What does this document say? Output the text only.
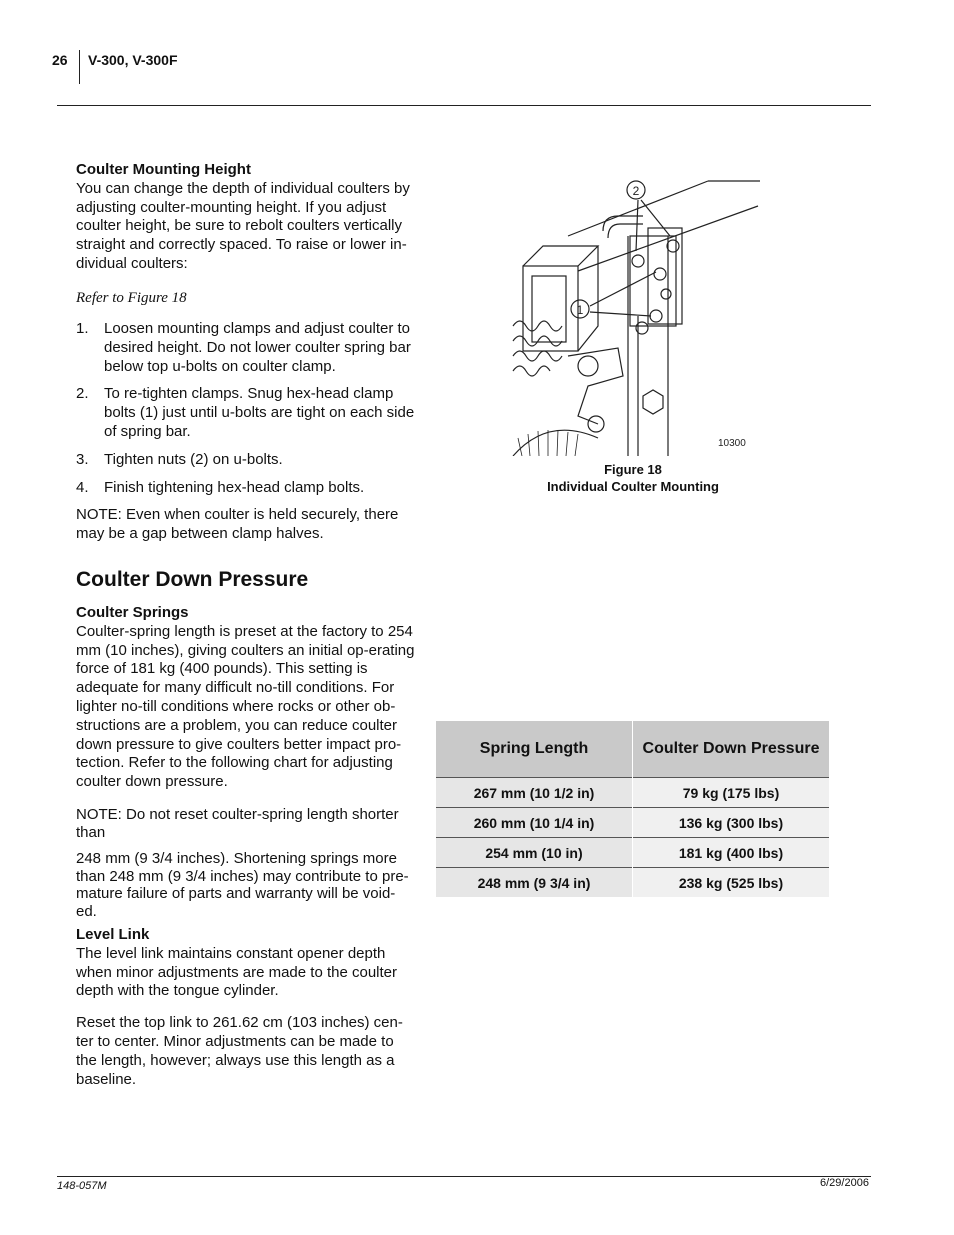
26 V-300, V-300F

Coulter Mounting Height

You can change the depth of individual coulters by adjusting coulter-mounting height. If you adjust coulter height, be sure to rebolt coulters vertically straight and correctly spaced. To raise or lower in-dividual coulters:

Refer to Figure 18
1.	Loosen mounting clamps and adjust coulter to desired height. Do not lower coulter spring bar below top u-bolts on coulter clamp.
2.	To re-tighten clamps. Snug hex-head clamp bolts (1) just until u-bolts are tight on each side of spring bar.
3.	Tighten nuts (2) on u-bolts.
4.	Finish tightening hex-head clamp bolts.

NOTE: Even when coulter is held securely, there may be a gap between clamp halves.

Coulter Down Pressure

Coulter Springs

Coulter-spring length is preset at the factory to 254 mm (10 inches), giving coulters an initial op-erating force of 181 kg (400 pounds). This setting is adequate for many difficult no-till conditions. For lighter no-till conditions where rocks or other ob-structions are a problem, you can reduce coulter down pressure to give coulters better impact pro-tection. Refer to the following chart for adjusting coulter down pressure.

NOTE: Do not reset coulter-spring length shorter than

248 mm (9 3/4 inches). Shortening springs more than 248 mm (9 3/4 inches) may contribute to pre-mature failure of parts and warranty will be void-ed.

Level Link

The level link maintains constant opener depth when minor adjustments are made to the coulter depth with the tongue cylinder.

Reset the top link to 261.62 cm (103 inches) cen-ter to center. Minor adjustments can be made to the length, however; always use this length as a baseline.

2
1
10300
Figure 18
Individual Coulter Mounting
Spring Length	Coulter Down Pressure
267 mm (10 1/2 in)	79 kg (175 lbs)
260 mm (10 1/4 in)	136 kg (300 lbs)
254 mm (10 in)	181 kg (400 lbs)
248 mm (9 3/4 in)	238 kg (525 lbs)
148-057M	6/29/2006
